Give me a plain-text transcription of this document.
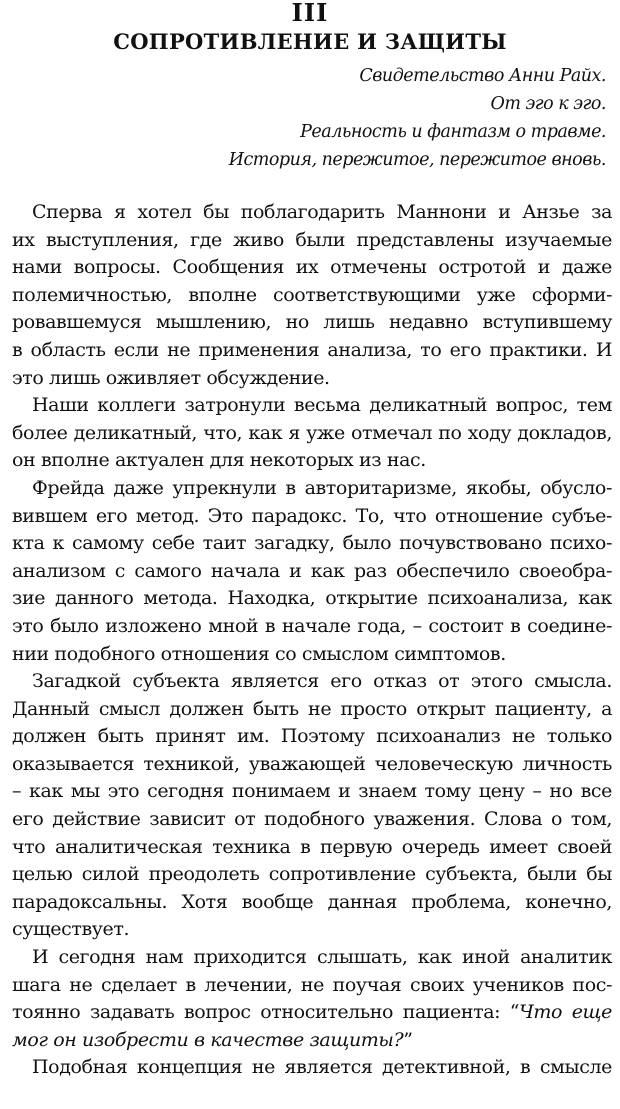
III
СОПРОТИВЛЕНИЕ И ЗАЩИТЫ
Свидетельство Анни Райх.
От эго к эго.
Реальность и фантазм о травме.
История, пережитое, пережитое вновь.
Сперва я хотел бы поблагодарить Маннони и Анзье за
их выступления, где живо были представлены изучаемые
нами вопросы. Сообщения их отмечены остротой и даже
полемичностью, вполне соответствующими уже сформи-
ровавшемуся мышлению, но лишь недавно вступившему
в область если не применения анализа, то его практики. И
это лишь оживляет обсуждение.
Наши коллеги затронули весьма деликатный вопрос, тем
более деликатный, что, как я уже отмечал по ходу докладов,
он вполне актуален для некоторых из нас.
Фрейда даже упрекнули в авторитаризме, якобы, обусло-
вившем его метод. Это парадокс. То, что отношение субъе-
кта к самому себе таит загадку, было почувствовано психо-
анализом с самого начала и как раз обеспечило своеобра-
зие данного метода. Находка, открытие психоанализа, как
это было изложено мной в начале года, – состоит в соедине-
нии подобного отношения со смыслом симптомов.
Загадкой субъекта является его отказ от этого смысла.
Данный смысл должен быть не просто открыт пациенту, а
должен быть принят им. Поэтому психоанализ не только
оказывается техникой, уважающей человеческую личность
– как мы это сегодня понимаем и знаем тому цену – но все
его действие зависит от подобного уважения. Слова о том,
что аналитическая техника в первую очередь имеет своей
целью силой преодолеть сопротивление субъекта, были бы
парадоксальны. Хотя вообще данная проблема, конечно,
существует.
И сегодня нам приходится слышать, как иной аналитик
шага не сделает в лечении, не поучая своих учеников пос-
тоянно задавать вопрос относительно пациента: “Что еще
мог он изобрести в качестве защиты?”
Подобная концепция не является детективной, в смысле
